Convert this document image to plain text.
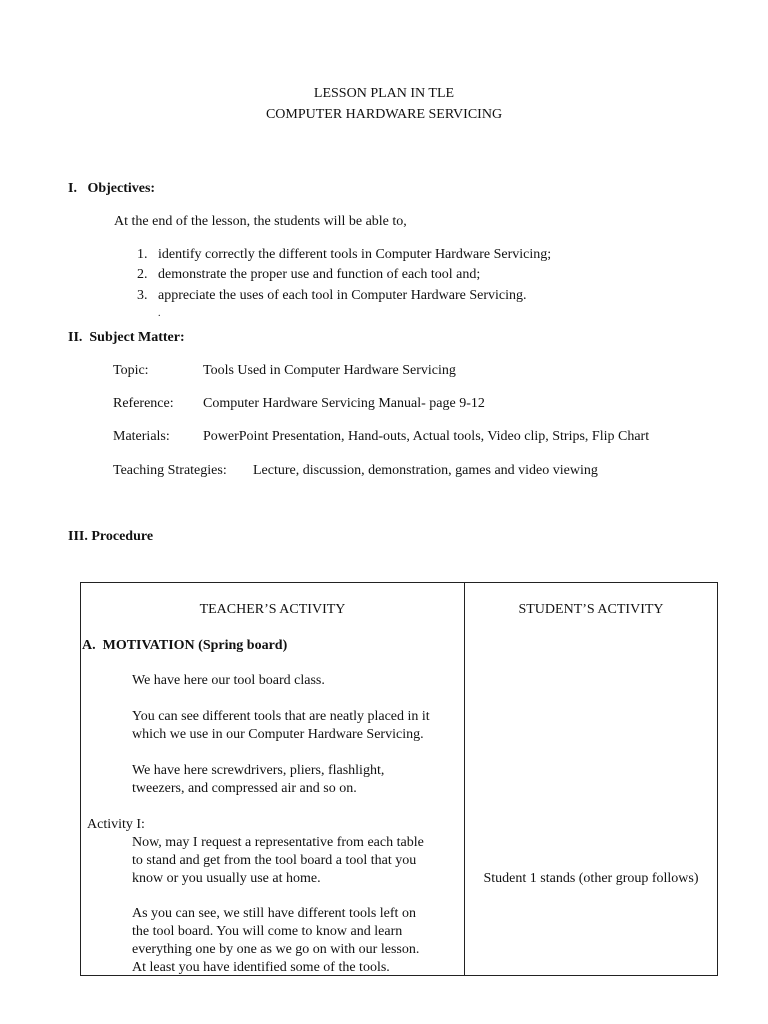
LESSON PLAN IN TLE
COMPUTER HARDWARE SERVICING
I.   Objectives:
At the end of the lesson, the students will be able to,
1. identify correctly the different tools in Computer Hardware Servicing;
2. demonstrate the proper use and function of each tool and;
3. appreciate the uses of each tool in Computer Hardware Servicing.
.
II.  Subject Matter:
Topic:	Tools Used in Computer Hardware Servicing
Reference: Computer Hardware Servicing Manual- page 9-12
Materials: PowerPoint Presentation, Hand-outs, Actual tools, Video clip, Strips, Flip Chart
Teaching Strategies: Lecture, discussion, demonstration, games and video viewing
III. Procedure
TEACHER’S ACTIVITY	STUDENT’S ACTIVITY
A.  MOTIVATION (Spring board)
We have here our tool board class.
You can see different tools that are neatly placed in it
which we use in our Computer Hardware Servicing.
We have here screwdrivers, pliers, flashlight,
tweezers, and compressed air and so on.
Activity I:
Now, may I request a representative from each table
to stand and get from the tool board a tool that you
know or you usually use at home.	Student 1 stands (other group follows)
As you can see, we still have different tools left on
the tool board. You will come to know and learn
everything one by one as we go on with our lesson.
At least you have identified some of the tools.
